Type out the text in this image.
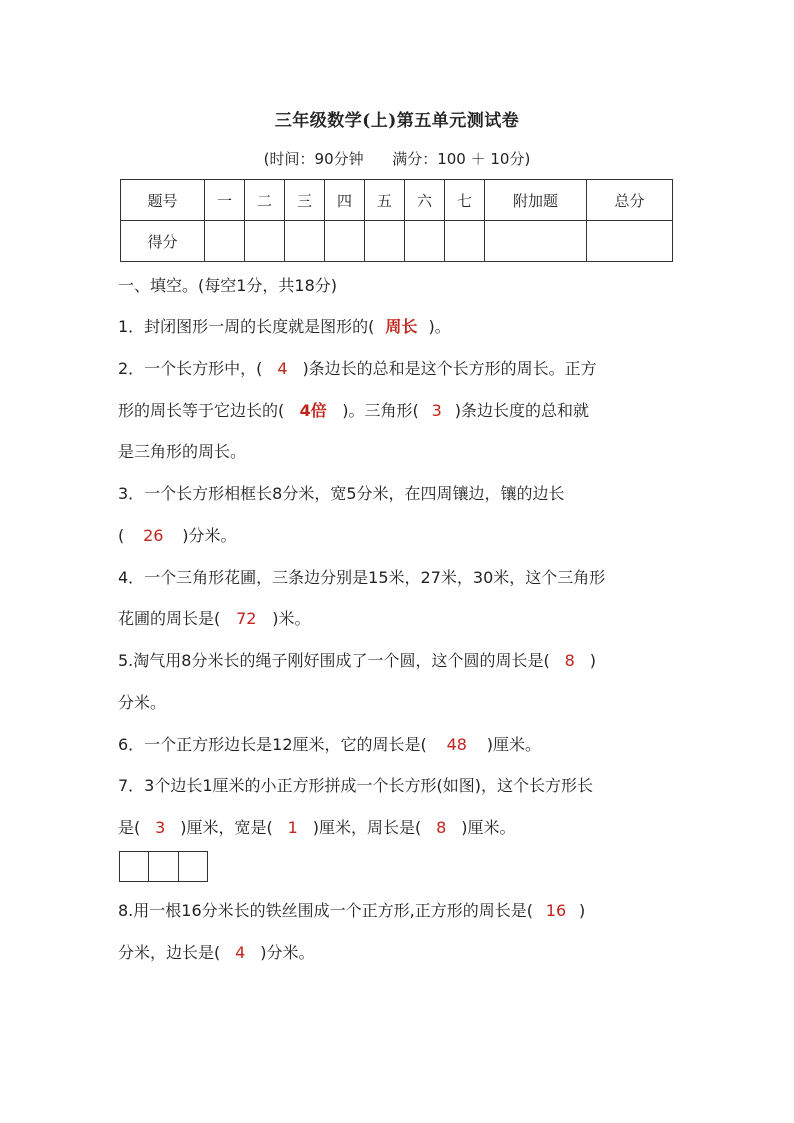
三年级数学(上)第五单元测试卷
(时间：90分钟      满分：100 ＋ 10分)
题号	一	二	三	四	五	六	七	附加题	总分
得分									
一、填空。(每空1分，共18分)
1．封闭图形一周的长度就是图形的( 周长 )。
2．一个长方形中，( 4 )条边长的总和是这个长方形的周长。正方
形的周长等于它边长的( 4倍 )。三角形( 3 )条边长度的总和就
是三角形的周长。
3．一个长方形相框长8分米，宽5分米，在四周镶边，镶的边长
( 26 )分米。
4．一个三角形花圃，三条边分别是15米，27米，30米，这个三角形
花圃的周长是( 72 )米。
5.淘气用8分米长的绳子刚好围成了一个圆，这个圆的周长是( 8 )
分米。
6．一个正方形边长是12厘米，它的周长是( 48 )厘米。
7．3个边长1厘米的小正方形拼成一个长方形(如图)，这个长方形长
是( 3 )厘米，宽是( 1 )厘米，周长是( 8 )厘米。
8.用一根16分米长的铁丝围成一个正方形,正方形的周长是( 16 )
分米，边长是( 4 )分米。
